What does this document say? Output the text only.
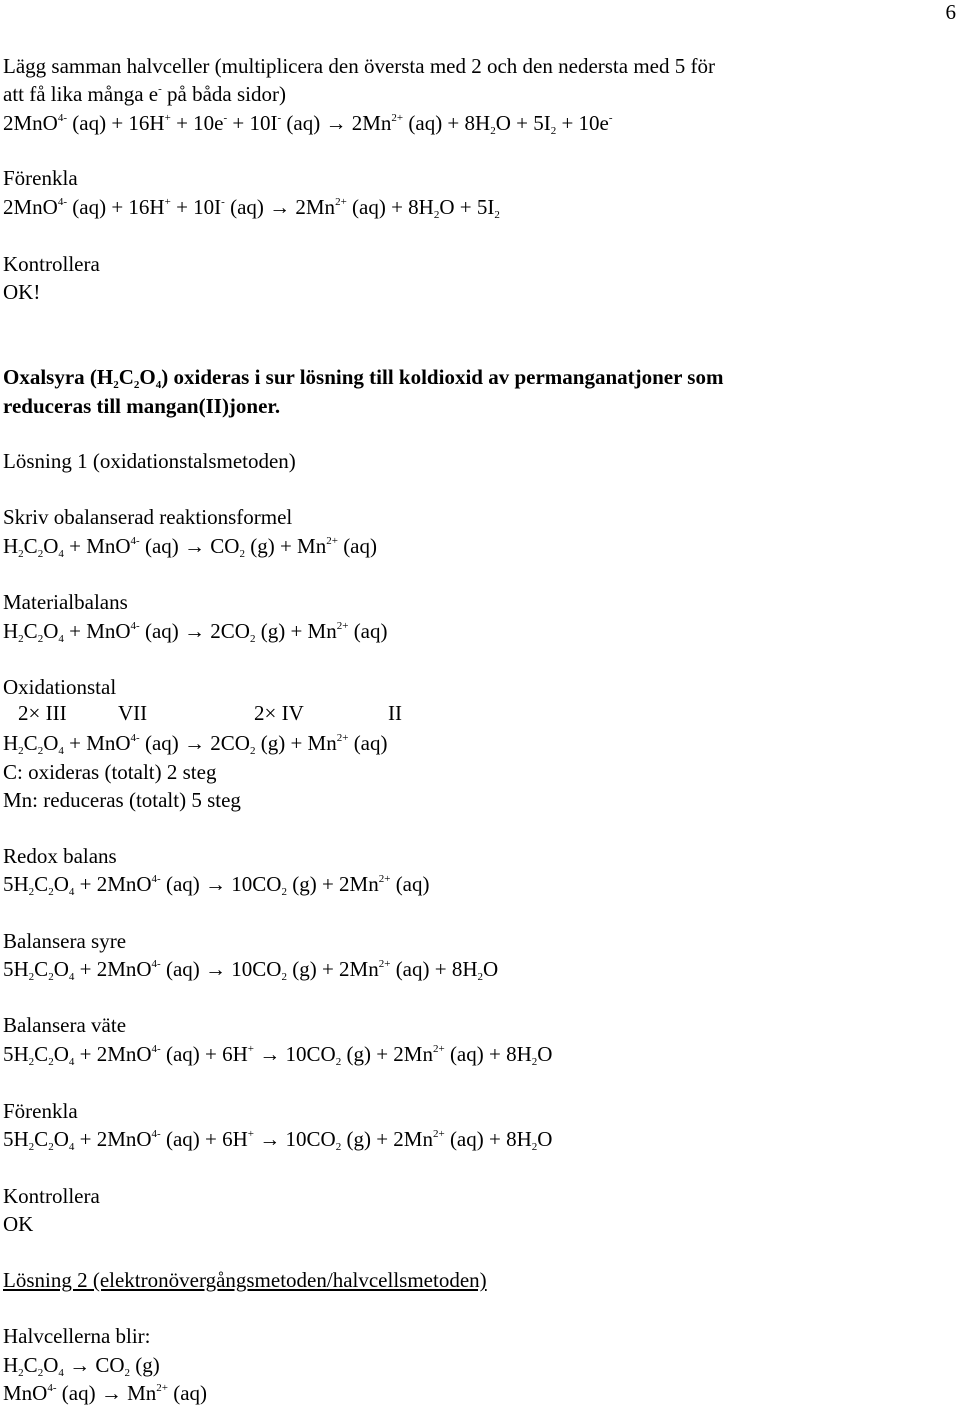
6
Lägg samman halvceller (multiplicera den översta med 2 och den nedersta med 5 för
att få lika många e- på båda sidor)
2MnO$^{4-}$ (aq) + 16H+ + 10e- + 10I- $(aq) \to 2Mn^{2+}$ $(aq) + 8H_2O + 5I_2 + 10e^-$
Förenkla
2MnO$^{4-}$ (aq) + 16H+ + 10I- $(aq) \to 2Mn^{2+}$ $(aq) + 8H_2O + 5I_2$
Kontrollera
OK!
Oxalsyra $(H_2C_2O_4)$ oxideras i sur lösning till koldioxid av permanganatjoner som
reduceras till mangan(II)joner.
Lösning 1 (oxidationstalsmetoden)
Skriv obalanserad reaktionsformel
$H_2C_2O_4 + MnO^{4-}$ $(aq) \to CO_2$ $(g) + Mn^{2+}$ (aq)
Materialbalans
$H_2C_2O_4 + MnO^{4-}$ $(aq) \to 2CO_2$ $(g) + Mn^{2+}$ (aq)
Oxidationstal
$H_2C_2O_4 + MnO^{4-}$ $(aq) \to 2CO_2$ $(g) + Mn^{2+}$ (aq)
C: oxideras (totalt) 2 steg
Mn: reduceras (totalt) 5 steg
Redox balans
$5H_2C_2O_4 + 2MnO^{4-}$ $(aq) \to 10CO_2$ $(g) + 2Mn^{2+}$ (aq)
Balansera syre
$5H_2C_2O_4 + 2MnO^{4-}$ $(aq) \to 10CO_2$ $(g) + 2Mn^{2+}$ $(aq) + 8H_2O$
Balansera väte
$5H_2C_2O_4 + 2MnO^{4-}$ $(aq) + 6H^+ \to 10CO_2$ $(g) + 2Mn^{2+}$ $(aq) + 8H_2O$
Förenkla
$5H_2C_2O_4 + 2MnO^{4-}$ $(aq) + 6H^+ \to 10CO_2$ $(g) + 2Mn^{2+}$ $(aq) + 8H_2O$
Kontrollera
OK
Lösning 2 (elektronövergångsmetoden/halvcellsmetoden)
Halvcellerna blir:
$H_2C_2O_4 \to CO_2$ (g)
MnO$^{4-}$ $(aq) \to Mn^{2+}$ (aq)
2× III VII	2× IV	II
